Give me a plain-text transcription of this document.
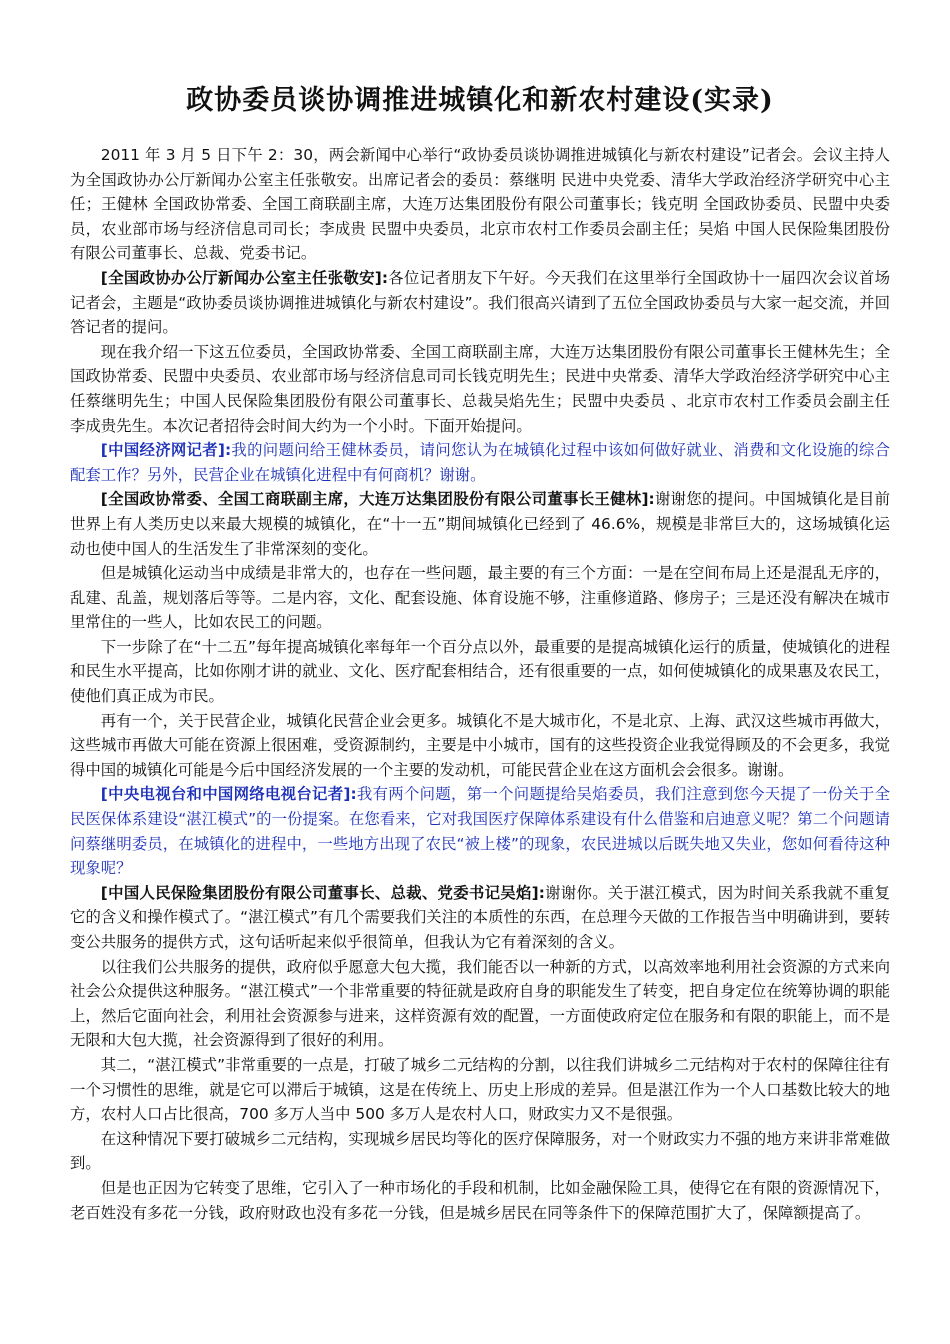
政协委员谈协调推进城镇化和新农村建设(实录)

2011 年 3 月 5 日下午 2：30，两会新闻中心举行“政协委员谈协调推进城镇化与新农村建设”记者会。会议主持人为全国政协办公厅新闻办公室主任张敬安。出席记者会的委员：蔡继明 民进中央党委、清华大学政治经济学研究中心主任；王健林 全国政协常委、全国工商联副主席，大连万达集团股份有限公司董事长；钱克明 全国政协委员、民盟中央委员，农业部市场与经济信息司司长；李成贵 民盟中央委员，北京市农村工作委员会副主任；吴焰 中国人民保险集团股份有限公司董事长、总裁、党委书记。

[全国政协办公厅新闻办公室主任张敬安]:各位记者朋友下午好。今天我们在这里举行全国政协十一届四次会议首场记者会，主题是“政协委员谈协调推进城镇化与新农村建设”。我们很高兴请到了五位全国政协委员与大家一起交流，并回答记者的提问。

现在我介绍一下这五位委员，全国政协常委、全国工商联副主席，大连万达集团股份有限公司董事长王健林先生；全国政协常委、民盟中央委员、农业部市场与经济信息司司长钱克明先生；民进中央常委、清华大学政治经济学研究中心主任蔡继明先生；中国人民保险集团股份有限公司董事长、总裁吴焰先生；民盟中央委员 、北京市农村工作委员会副主任李成贵先生。本次记者招待会时间大约为一个小时。下面开始提问。

[中国经济网记者]:我的问题问给王健林委员，请问您认为在城镇化过程中该如何做好就业、消费和文化设施的综合配套工作？另外，民营企业在城镇化进程中有何商机？谢谢。

[全国政协常委、全国工商联副主席，大连万达集团股份有限公司董事长王健林]:谢谢您的提问。中国城镇化是目前世界上有人类历史以来最大规模的城镇化，在“十一五”期间城镇化已经到了 46.6%，规模是非常巨大的，这场城镇化运动也使中国人的生活发生了非常深刻的变化。

但是城镇化运动当中成绩是非常大的，也存在一些问题，最主要的有三个方面：一是在空间布局上还是混乱无序的，乱建、乱盖，规划落后等等。二是内容，文化、配套设施、体育设施不够，注重修道路、修房子；三是还没有解决在城市里常住的一些人，比如农民工的问题。

下一步除了在“十二五”每年提高城镇化率每年一个百分点以外，最重要的是提高城镇化运行的质量，使城镇化的进程和民生水平提高，比如你刚才讲的就业、文化、医疗配套相结合，还有很重要的一点，如何使城镇化的成果惠及农民工，使他们真正成为市民。

再有一个，关于民营企业，城镇化民营企业会更多。城镇化不是大城市化，不是北京、上海、武汉这些城市再做大，这些城市再做大可能在资源上很困难，受资源制约，主要是中小城市，国有的这些投资企业我觉得顾及的不会更多，我觉得中国的城镇化可能是今后中国经济发展的一个主要的发动机，可能民营企业在这方面机会会很多。谢谢。

[中央电视台和中国网络电视台记者]:我有两个问题，第一个问题提给吴焰委员，我们注意到您今天提了一份关于全民医保体系建设“湛江模式”的一份提案。在您看来，它对我国医疗保障体系建设有什么借鉴和启迪意义呢？第二个问题请问蔡继明委员，在城镇化的进程中，一些地方出现了农民“被上楼”的现象，农民进城以后既失地又失业，您如何看待这种现象呢？

[中国人民保险集团股份有限公司董事长、总裁、党委书记吴焰]:谢谢你。关于湛江模式，因为时间关系我就不重复它的含义和操作模式了。“湛江模式”有几个需要我们关注的本质性的东西，在总理今天做的工作报告当中明确讲到，要转变公共服务的提供方式，这句话听起来似乎很简单，但我认为它有着深刻的含义。

以往我们公共服务的提供，政府似乎愿意大包大揽，我们能否以一种新的方式，以高效率地利用社会资源的方式来向社会公众提供这种服务。“湛江模式”一个非常重要的特征就是政府自身的职能发生了转变，把自身定位在统筹协调的职能上，然后它面向社会，利用社会资源参与进来，这样资源有效的配置，一方面使政府定位在服务和有限的职能上，而不是无限和大包大揽，社会资源得到了很好的利用。

其二，“湛江模式”非常重要的一点是，打破了城乡二元结构的分割，以往我们讲城乡二元结构对于农村的保障往往有一个习惯性的思维，就是它可以滞后于城镇，这是在传统上、历史上形成的差异。但是湛江作为一个人口基数比较大的地方，农村人口占比很高，700 多万人当中 500 多万人是农村人口，财政实力又不是很强。

在这种情况下要打破城乡二元结构，实现城乡居民均等化的医疗保障服务，对一个财政实力不强的地方来讲非常难做到。

但是也正因为它转变了思维，它引入了一种市场化的手段和机制，比如金融保险工具，使得它在有限的资源情况下，老百姓没有多花一分钱，政府财政也没有多花一分钱，但是城乡居民在同等条件下的保障范围扩大了，保障额提高了。
